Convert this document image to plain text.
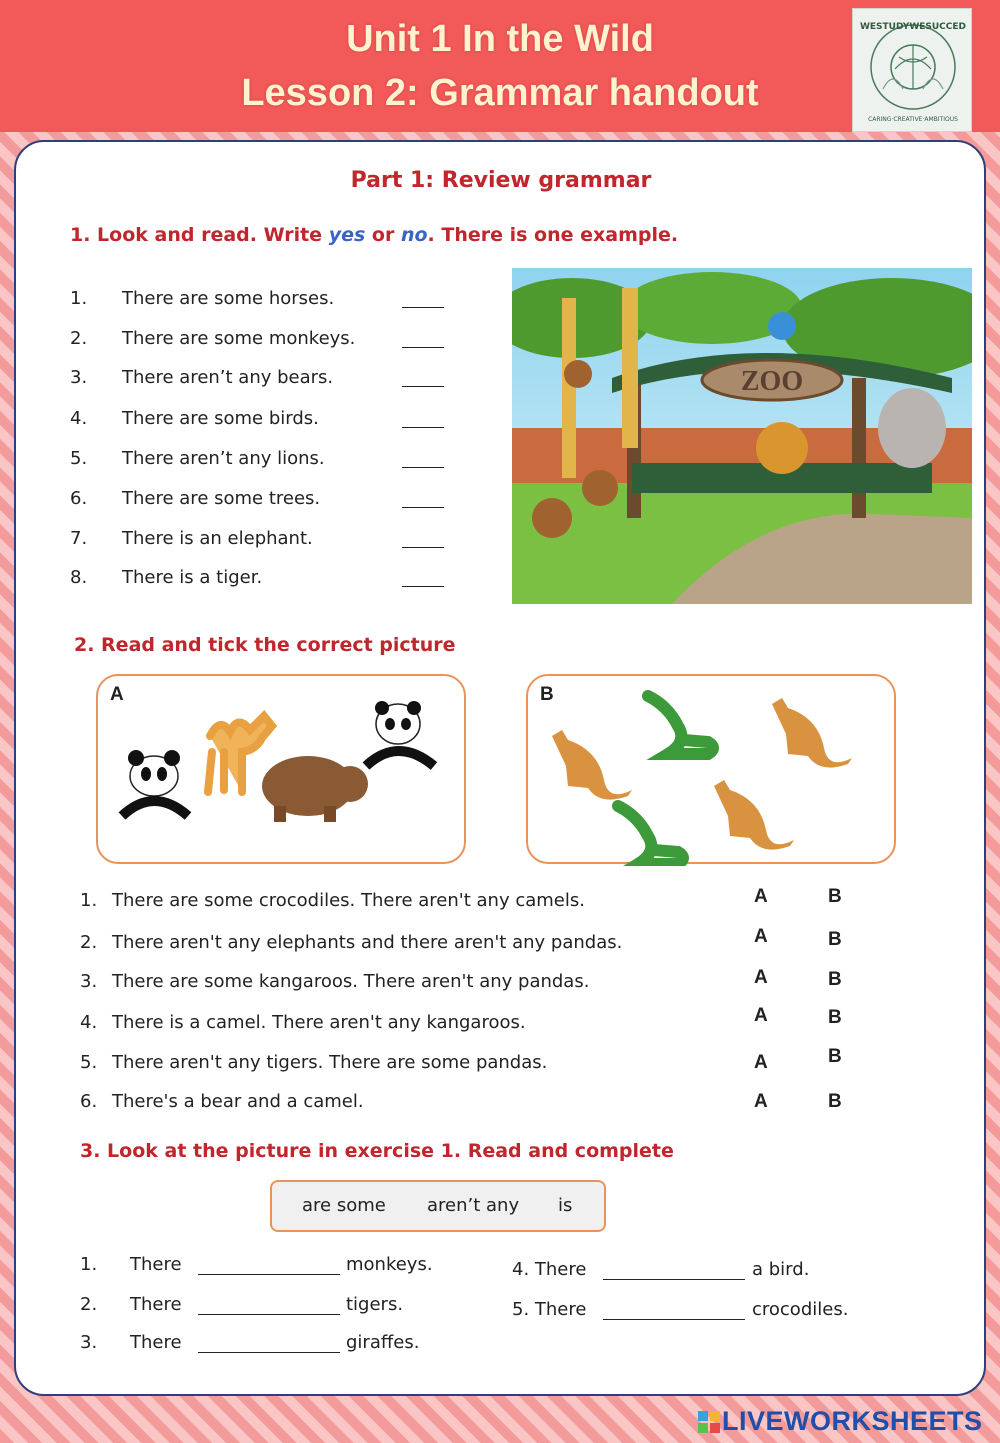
Unit 1 In the Wild
Lesson 2: Grammar handout
WESTUDYWESUCCED
CARING·CREATIVE·AMBITIOUS
Part 1: Review grammar
1. Look and read. Write yes or no. There is one example.
1. There are some horses.
2. There are some monkeys.
3. There aren’t any bears.
4. There are some birds.
5. There aren’t any lions.
6. There are some trees.
7. There is an elephant.
8. There is a tiger.
ZOO
2. Read and tick the correct picture
A	B
1. There are some crocodiles. There aren't any camels.	A	B
2. There aren't any elephants and there aren't any pandas.	A	B
3. There are some kangaroos. There aren't any pandas.	A	B
4. There is a camel. There aren't any kangaroos.	A	B
5. There aren't any tigers. There are some pandas.	A	B
6. There's a bear and a camel.	A	B
3. Look at the picture in exercise 1. Read and complete
are some aren’t any is
1. There	monkeys.
2. There	tigers.
3. There	giraffes.
4. There	a bird.
5. There	crocodiles.
LIVEWORKSHEETS
